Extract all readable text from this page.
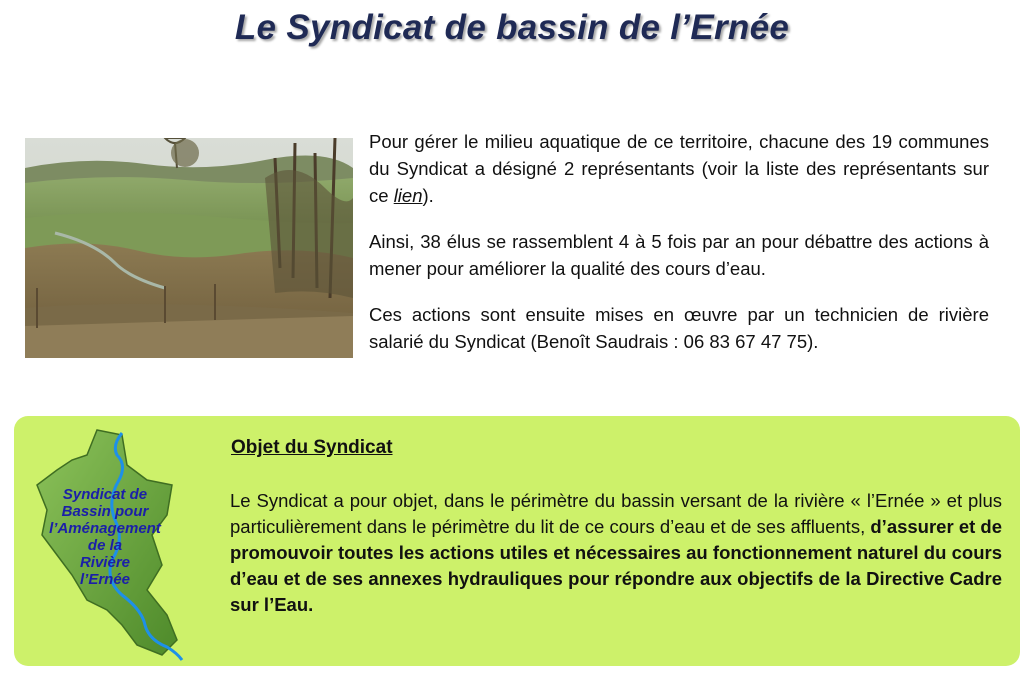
Le Syndicat de bassin de l’Ernée

Pour gérer le milieu aquatique de ce territoire, chacune des 19 communes du Syndicat a désigné 2 représentants (voir la liste des représentants sur ce lien).

Ainsi, 38 élus se rassemblent 4 à 5 fois par an pour débattre des actions à mener pour améliorer la qualité des cours d’eau.

Ces actions sont ensuite mises en œuvre par un technicien de rivière salarié du Syndicat (Benoît Saudrais : 06 83 67 47 75).

Syndicat de
Bassin pour
l’Aménagement
de la
Rivière
l’Ernée
Objet du Syndicat
Le Syndicat a pour objet, dans le périmètre du bassin versant de la rivière « l’Ernée » et plus particulièrement dans le périmètre du lit de ce cours d’eau et de ses affluents, d’assurer et de promouvoir toutes les actions utiles et nécessaires au fonctionnement naturel du cours d’eau et de ses annexes hydrauliques pour répondre aux objectifs de la Directive Cadre sur l’Eau.
